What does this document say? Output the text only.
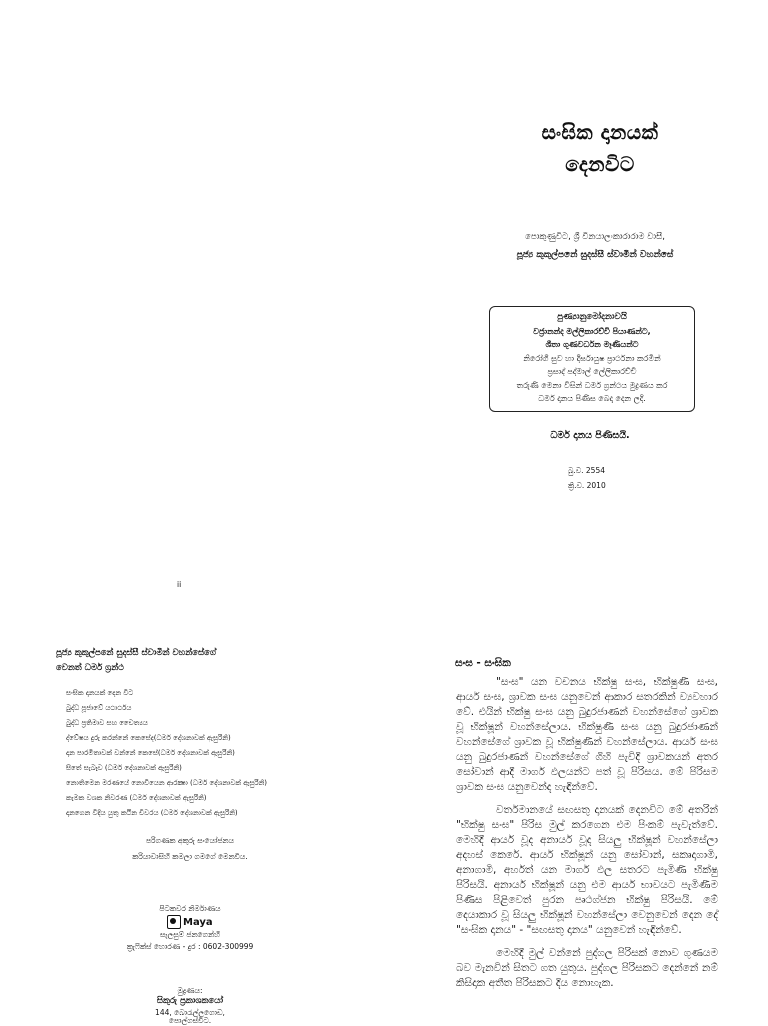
සංඝික දානයක්
දෙනවිට
පොකුණුවිට, ශ්‍රී විනයාලංකාරාරාම වාසී,
පූජ්‍ය කුකුල්පනේ සුදස්සී ස්වාමීන් වහන්සේ
පුණ්‍යානුමෝදනාවයි
වජ්‍රානන්ද මල්ලිකාරච්චි පියාණන්ට,
ශීතා ගුණවර්ධන මෑණියන්ට
නිරෝගී සුව හා දීර්ඝායුෂ ප්‍රාර්ථනා කරමින්
ප්‍රසාද් පද්මාල් ලේලිකාරච්චි
තරුණි මෙනා විසින් ධර්ම ග්‍රන්ථය මුද්‍රණය කර
ධර්ම දානය පිණිස බෙදා දෙන ලදි.
ධර්ම දානය පිණිසයි.
බු.ව. 2554
ක්‍රි.ව. 2010
ii
පූජ්‍ය කුකුල්පනේ සුදස්සී ස්වාමීන් වහන්සේගේ
වෙනත් ධර්ම ග්‍රන්ථ
සංඝික දානයක් දෙන විට
බුද්ධ පූජාවේ යථාර්ථය
බුද්ධ ප්‍රතිමාව සහ චෛත්‍යය
ද්වේෂය දුරු කරන්නේ කෙසේද(ධර්ම දේශනාවක් ඇසුරිනි)
දාන පාරමිතාවක් වන්නේ කෙසේ(ධර්ම දේශනාවක් ඇසුරිනි)
සිතේ සැබෑව (ධර්ම දේශනාවක් ඇසුරිනි)
නොතිමෙන මරණයේ නොවියෙන ආරක්‍ෂා (ධර්ම දේශනාවක් ඇසුරිනි)
කැමක වශක නිවරණ (ධර්ම දේශනාවක් ඇසුරිනි)
දානගෙන විදිය යුතු කථින චීවරය (ධර්ම දේශනාවක් ඇසුරිනි)
පරිගණක අකුරු සංයෝජනය
කරියාවාසිහි කමලා ගමගේ මෙනවිය.
පිටකවර නිර්මාණය
Maya
සැලසුම් ජනගෙන්හි
ක්‍රැෆික්ස් හොරණ - දුර : 0602-300999
මුද්‍රණය:
සිකුරු ප්‍රකාශකයෝ
144, බොරැල්ලගොඩ,
පොල්ගස්විට.
සංඝ - සංඝික

"සංඝ" යන වචනය භික්ෂු සංඝ, භික්ෂුණී සංඝ, ආර්ය සංඝ, ශ්‍රාවක සංඝ යනුවෙන් ආකාර සතරකින් ව්‍යවහාර වේ. එයින් භික්ෂු සංඝ යනු බුදුරජාණන් වහන්සේගේ ශ්‍රාවක වූ භික්ෂූන් වහන්සේලාය. භික්ෂුණී සංඝ යනු බුදුරජාණන් වහන්සේගේ ශ්‍රාවක වූ භික්ෂුණීන් වහන්සේලාය. ආර්ය සංඝ යනු බුදුරජාණන් වහන්සේගේ ගිහි පැවිදි ශ්‍රාවකයන් අතර සෝවාන් ආදී මාර්ග ඵලයන්ට පත් වූ පිරිසය. මේ පිරිසම ශ්‍රාවක සංඝ යනුවෙන්ද හැඳින්වේ.

වර්තමානයේ සඟසතු දානයක් දෙනවිට මේ අතරින් "භික්ෂු සංඝ" පිරිස මුල් කරගෙන එම පිංකම් පැවැත්වේ. මෙහිදී ආර්ය වූද අනාර්ය වූද සියලු භික්ෂූන් වහන්සේලා අදහස් කෙරේ. ආර්ය භික්ෂූන් යනු සෝවාන්, සකෘදාගාමි, අනාගාමි, අර්හත් යන මාර්ග ඵල සතරට පැමිණි භික්ෂු පිරිසයි. අනාර්ය භික්ෂූන් යනු එම ආර්ය භාවයට පැමිණීම පිණිස පිළිවෙත් පුරන පෘථග්ජන භික්ෂු පිරිසයි. මේ දෙයාකාර වූ සියලු භික්ෂූන් වහන්සේලා වෙනුවෙන් දෙන දේ "සංඝික දානය" - "සඟසතු දානය" යනුවෙන් හැඳින්වේ.

මෙහිදී මුල් වන්නේ පුද්ගල පිරිසක් නොව ගුණයම බව මැනවින් සිතට ගත යුතුය. පුද්ගල පිරිසකට දෙන්නේ නම් කිසිදාක අතීත පිරිසකට දිය නොහැක.
